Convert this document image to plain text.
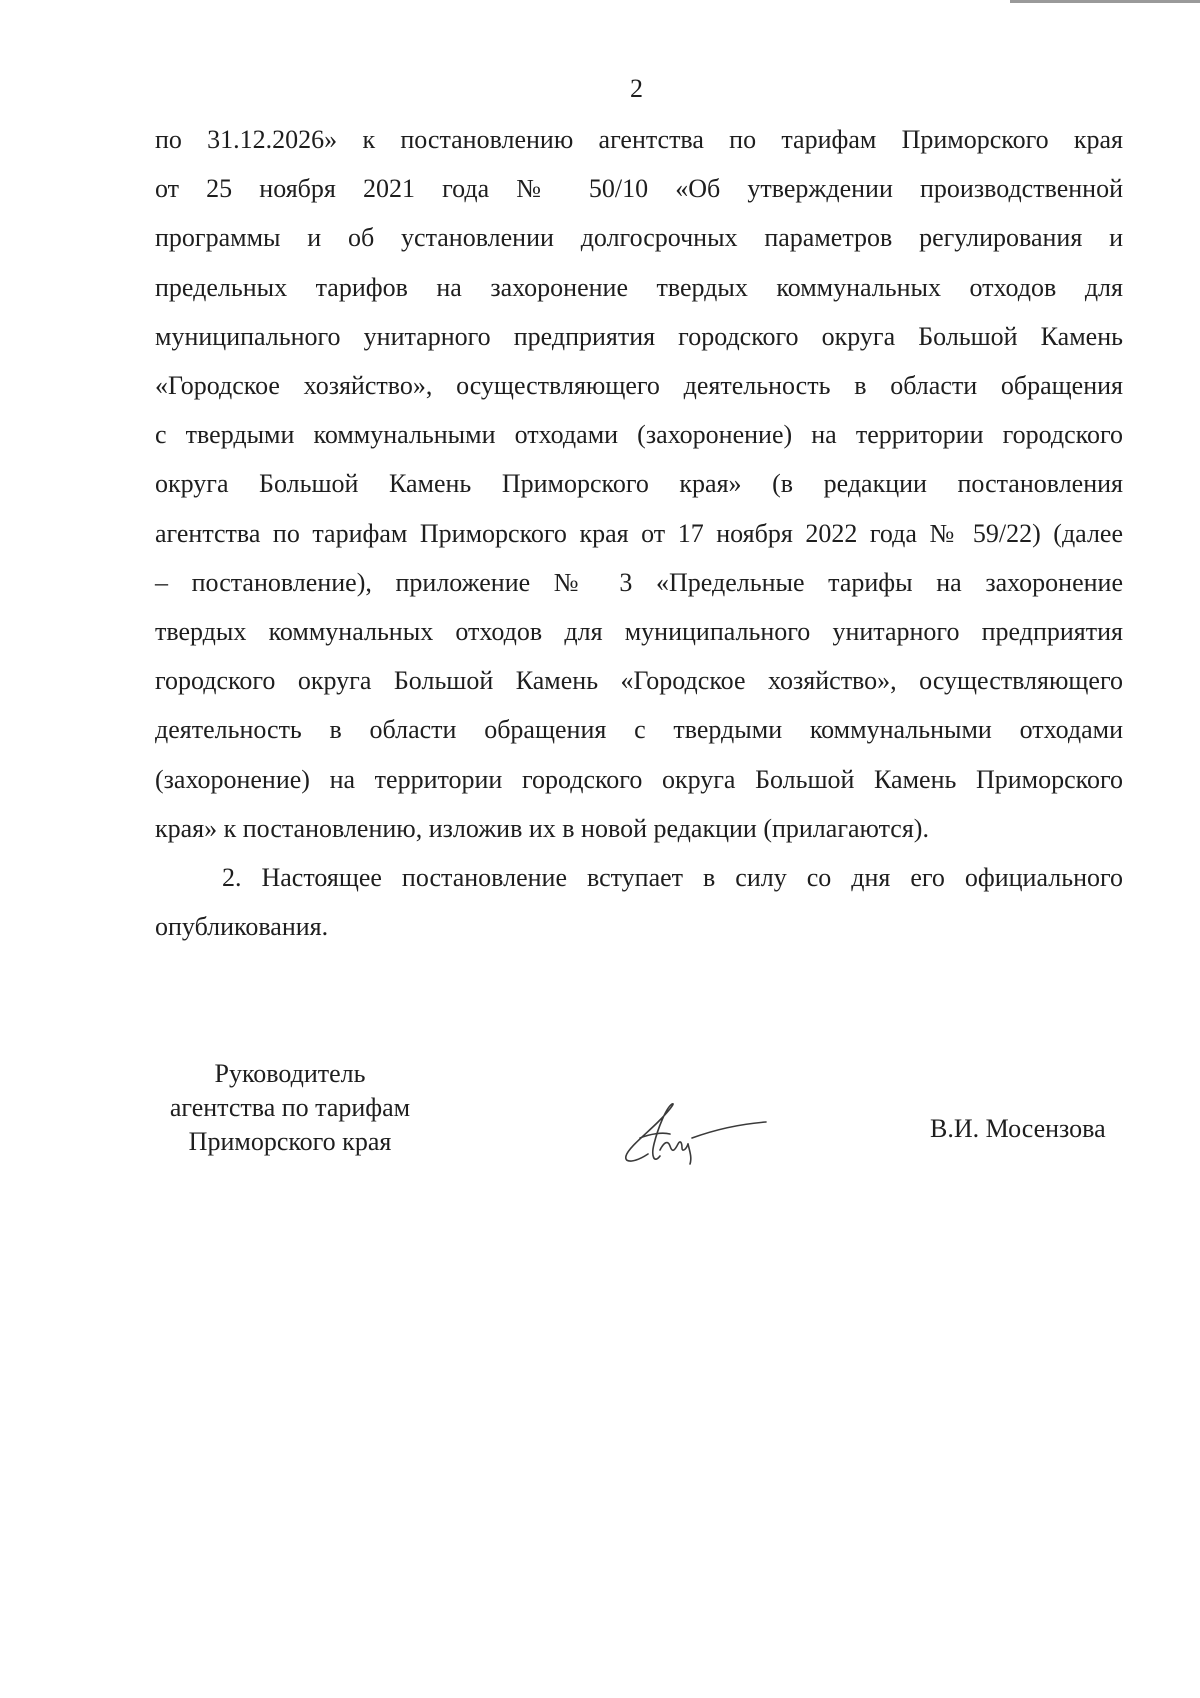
2

по 31.12.2026» к постановлению агентства по тарифам Приморского края

от 25 ноября 2021 года № 50/10 «Об утверждении производственной

программы и об установлении долгосрочных параметров регулирования и

предельных тарифов на захоронение твердых коммунальных отходов для

муниципального унитарного предприятия городского округа Большой Камень

«Городское хозяйство», осуществляющего деятельность в области обращения

с твердыми коммунальными отходами (захоронение) на территории городского

округа Большой Камень Приморского края» (в редакции постановления

агентства по тарифам Приморского края от 17 ноября 2022 года № 59/22) (далее

– постановление), приложение № 3 «Предельные тарифы на захоронение

твердых коммунальных отходов для муниципального унитарного предприятия

городского округа Большой Камень «Городское хозяйство», осуществляющего

деятельность в области обращения с твердыми коммунальными отходами

(захоронение) на территории городского округа Большой Камень Приморского

края» к постановлению, изложив их в новой редакции (прилагаются).

2. Настоящее постановление вступает в силу со дня его официального

опубликования.

Руководитель
агентства по тарифам
Приморского края	В.И. Мосензова
